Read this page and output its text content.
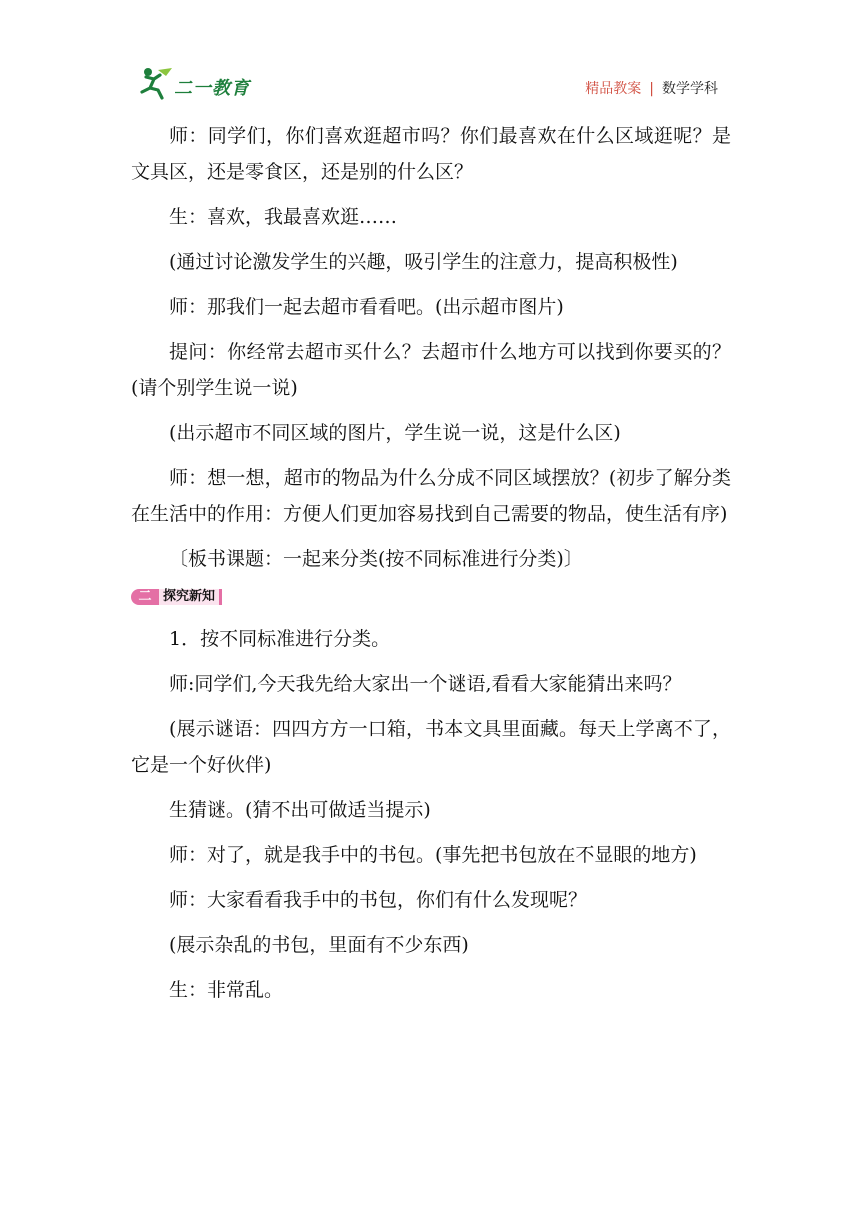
二一教育	精品教案 | 数学学科

师：同学们，你们喜欢逛超市吗？你们最喜欢在什么区域逛呢？是文具区，还是零食区，还是别的什么区？

生：喜欢，我最喜欢逛……

(通过讨论激发学生的兴趣，吸引学生的注意力，提高积极性)

师：那我们一起去超市看看吧。(出示超市图片)

提问：你经常去超市买什么？去超市什么地方可以找到你要买的？(请个别学生说一说)

(出示超市不同区域的图片，学生说一说，这是什么区)

师：想一想，超市的物品为什么分成不同区域摆放？(初步了解分类在生活中的作用：方便人们更加容易找到自己需要的物品，使生活有序)

〔板书课题：一起来分类(按不同标准进行分类)〕

二 探究新知

1．按不同标准进行分类。

师:同学们,今天我先给大家出一个谜语,看看大家能猜出来吗？

(展示谜语：四四方方一口箱，书本文具里面藏。每天上学离不了，它是一个好伙伴)

生猜谜。(猜不出可做适当提示)

师：对了，就是我手中的书包。(事先把书包放在不显眼的地方)

师：大家看看我手中的书包，你们有什么发现呢？

(展示杂乱的书包，里面有不少东西)

生：非常乱。
